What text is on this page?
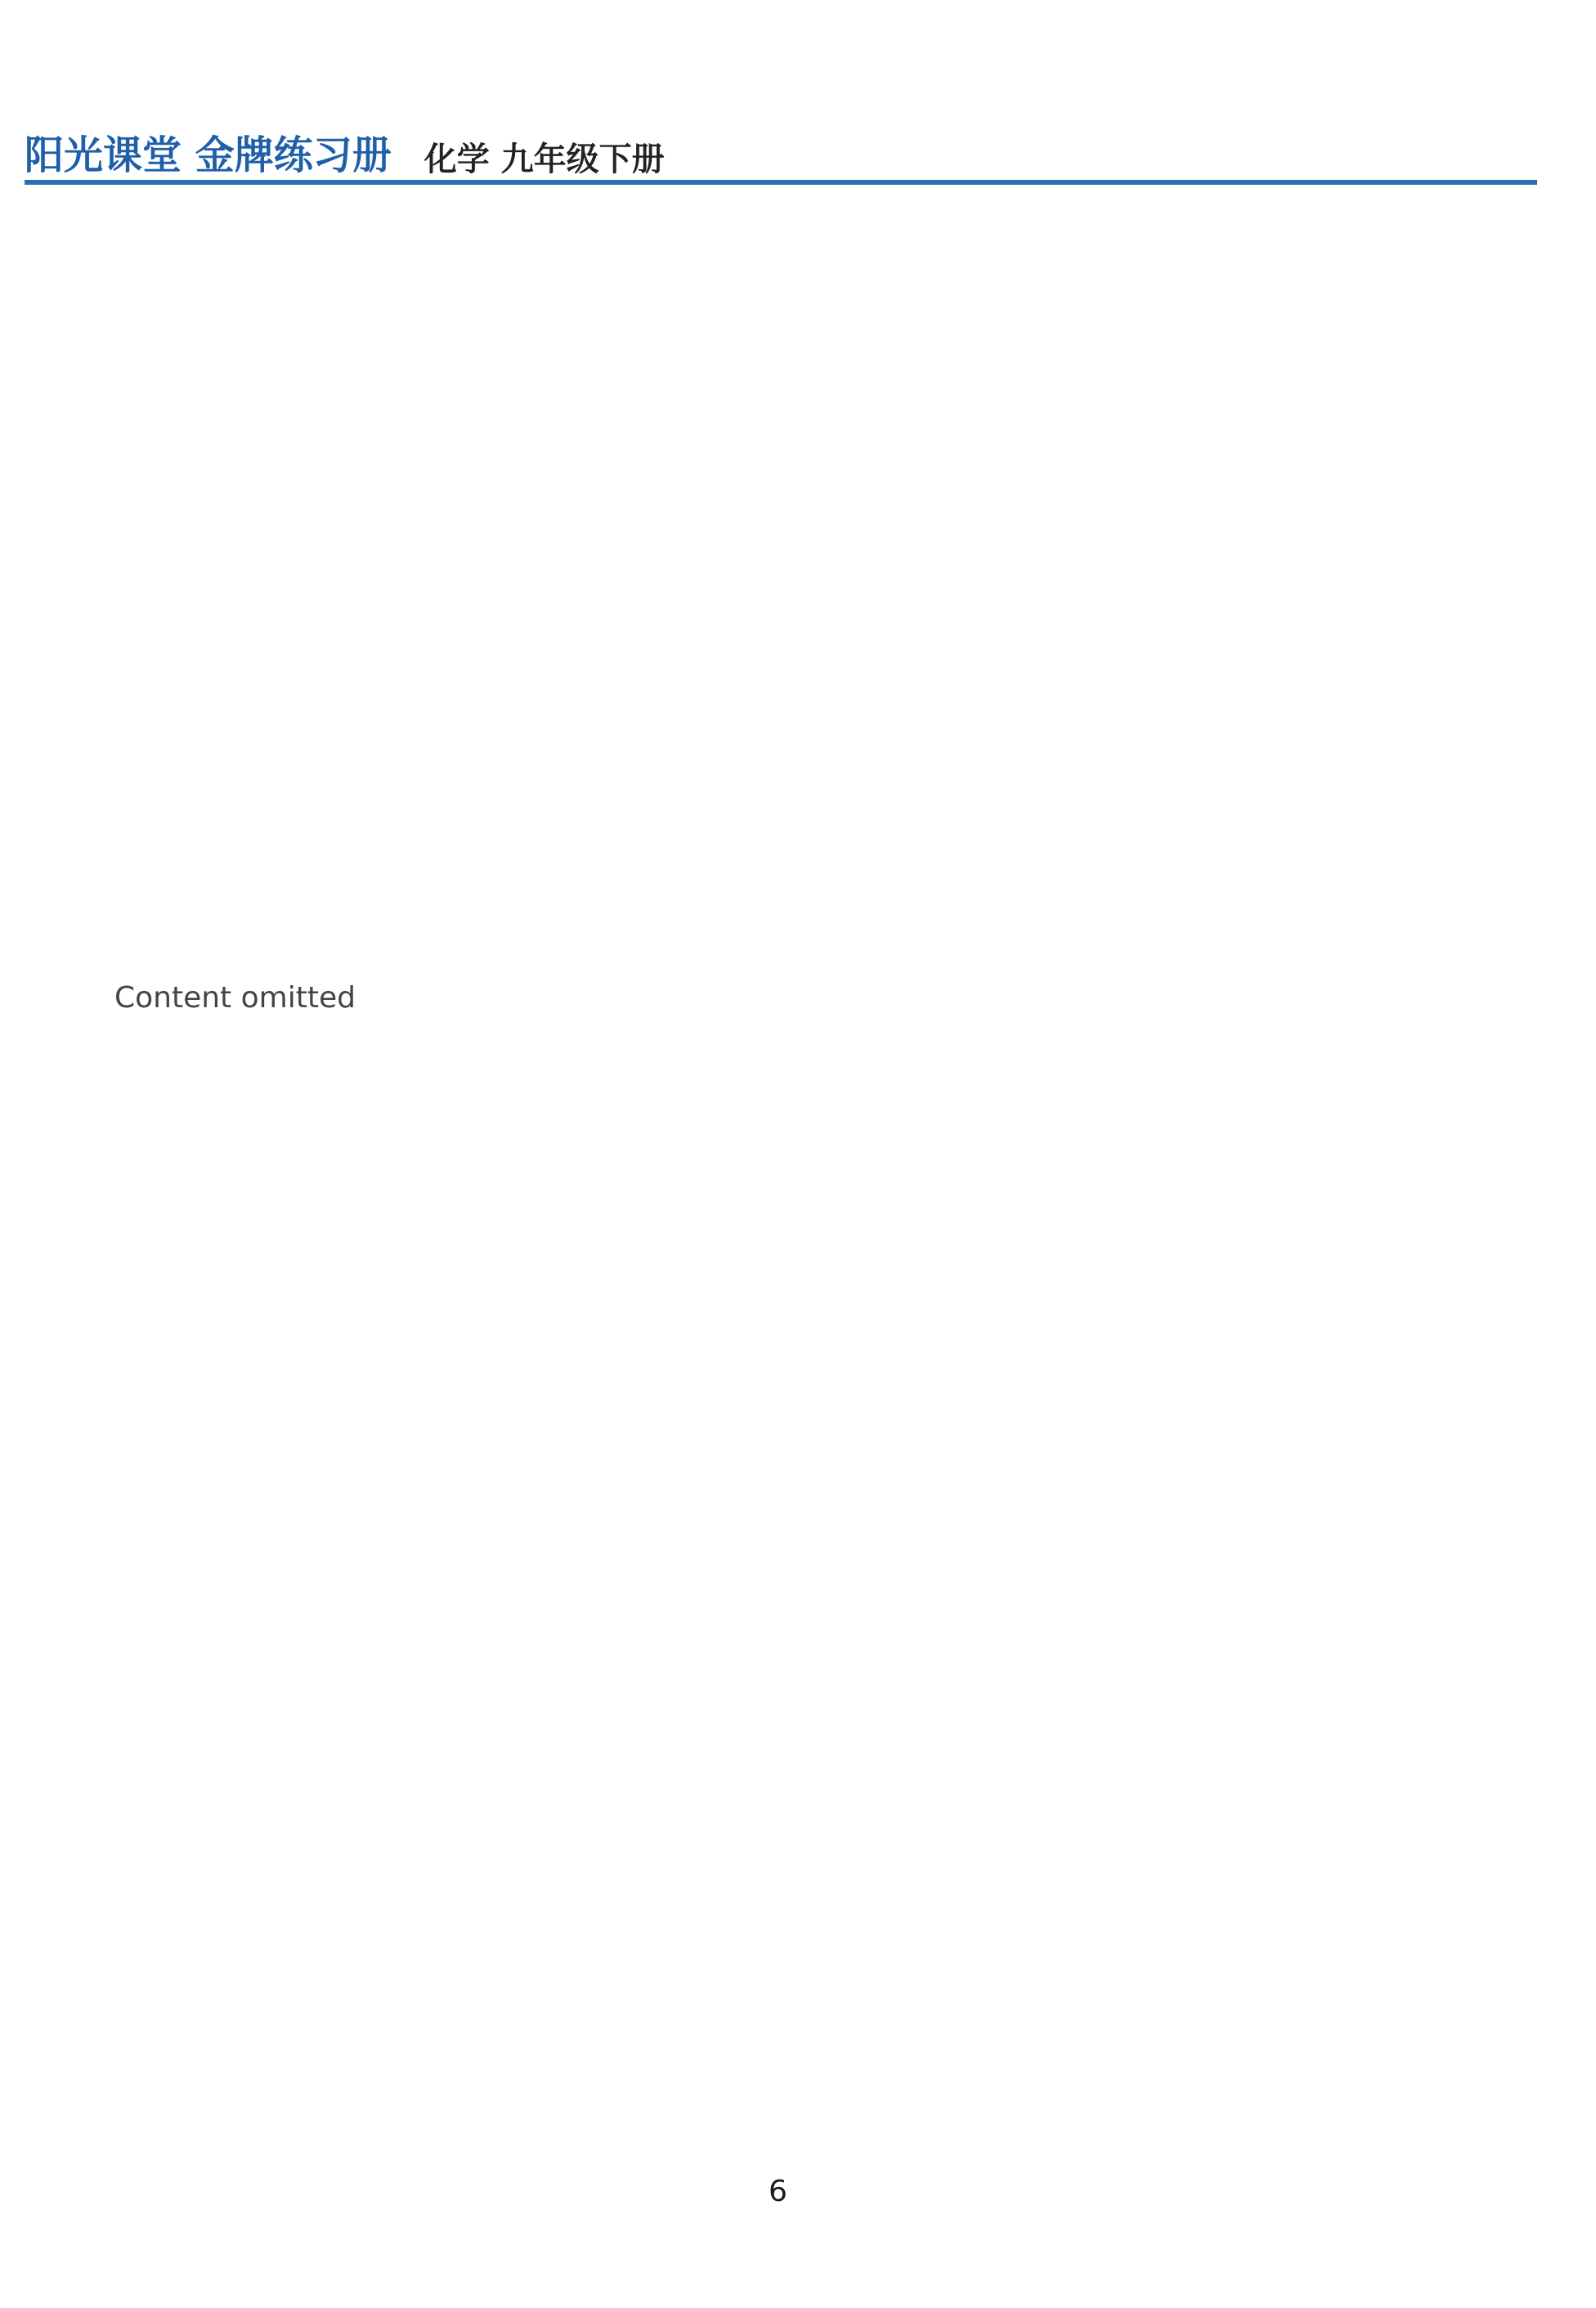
阳光课堂 金牌练习册 化学 九年级下册
Content omitted
6
